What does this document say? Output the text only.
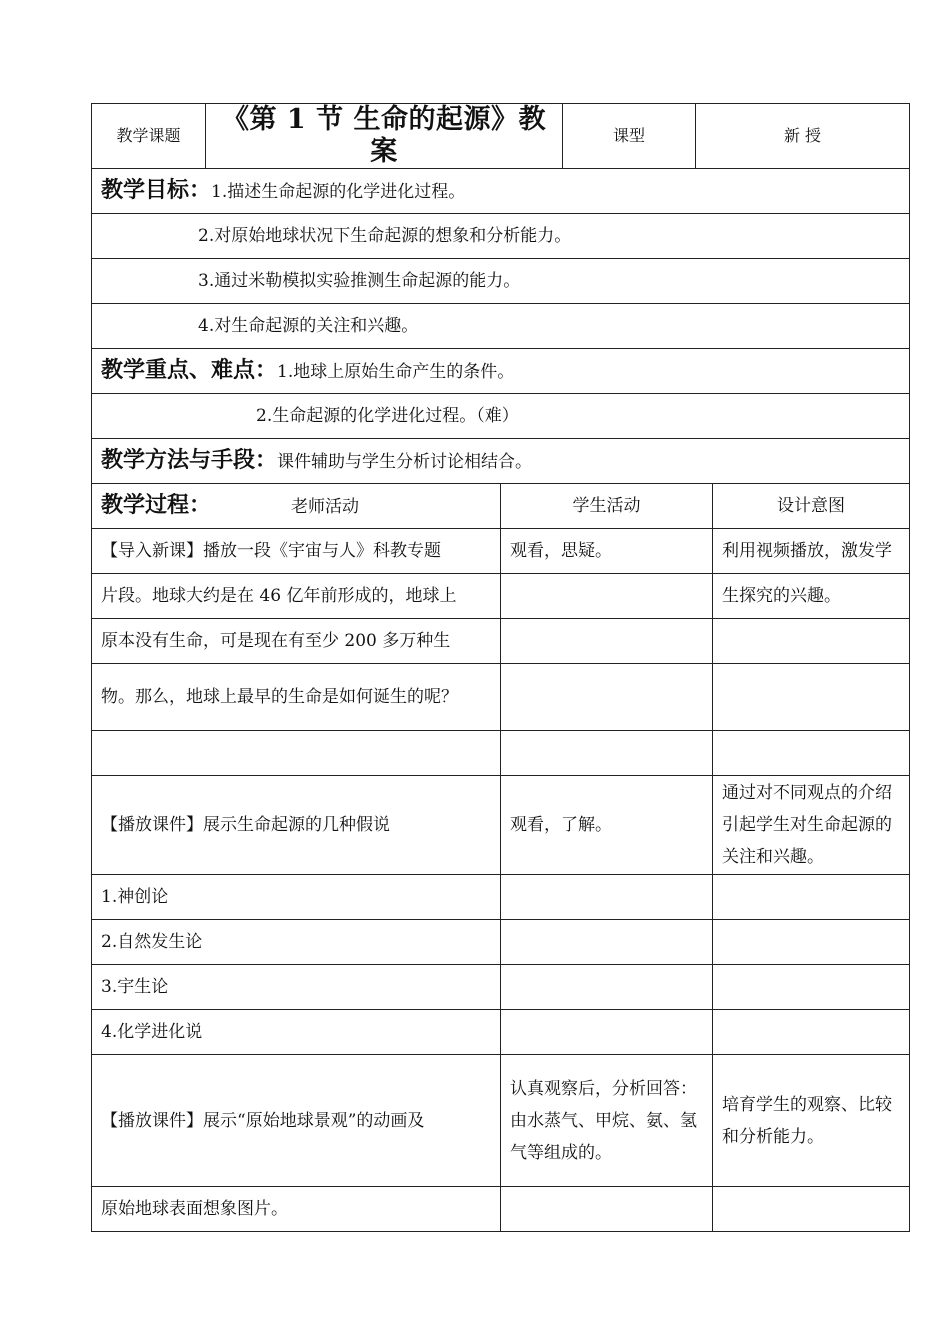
教学课题	《第 1 节 生命的起源》教案		课型	新 授	
教学目标：1.描述生命起源的化学进化过程。					
2.对原始地球状况下生命起源的想象和分析能力。					
3.通过米勒模拟实验推测生命起源的能力。					
4.对生命起源的关注和兴趣。					
教学重点、难点：1.地球上原始生命产生的条件。					
2.生命起源的化学进化过程。（难）					
教学方法与手段：课件辅助与学生分析讨论相结合。					
教学过程： 老师活动		学生活动			设计意图
【导入新课】播放一段《宇宙与人》科教专题		观看，思疑。			利用视频播放，激发学
片段。地球大约是在 46 亿年前形成的，地球上					生探究的兴趣。
原本没有生命，可是现在有至少 200 多万种生					
物。那么，地球上最早的生命是如何诞生的呢？					

【播放课件】展示生命起源的几种假说		观看，了解。			通过对不同观点的介绍引起学生对生命起源的关注和兴趣。
1.神创论					
2.自然发生论					
3.宇生论					
4.化学进化说					
【播放课件】展示“原始地球景观”的动画及		认真观察后，分析回答：由水蒸气、甲烷、氨、氢气等组成的。			培育学生的观察、比较和分析能力。
原始地球表面想象图片。					
